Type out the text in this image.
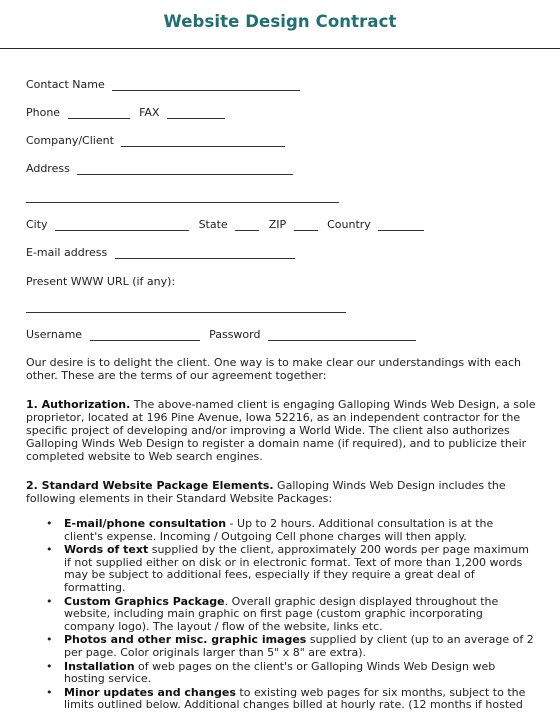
Website Design Contract
Contact Name
Phone	FAX
Company/Client
Address
City	State	ZIP	Country
E-mail address
Present WWW URL (if any):
Username	Password

Our desire is to delight the client. One way is to make clear our understandings with each other. These are the terms of our agreement together:

1. Authorization. The above-named client is engaging Galloping Winds Web Design, a sole proprietor, located at 196 Pine Avenue, Iowa 52216, as an independent contractor for the specific project of developing and/or improving a World Wide. The client also authorizes Galloping Winds Web Design to register a domain name (if required), and to publicize their completed website to Web search engines.

2. Standard Website Package Elements. Galloping Winds Web Design includes the following elements in their Standard Website Packages:

• E-mail/phone consultation - Up to 2 hours. Additional consultation is at the client's expense. Incoming / Outgoing Cell phone charges will then apply.
• Words of text supplied by the client, approximately 200 words per page maximum if not supplied either on disk or in electronic format. Text of more than 1,200 words may be subject to additional fees, especially if they require a great deal of formatting.
• Custom Graphics Package. Overall graphic design displayed throughout the website, including main graphic on first page (custom graphic incorporating company logo). The layout / flow of the website, links etc.
• Photos and other misc. graphic images supplied by client (up to an average of 2 per page. Color originals larger than 5" x 8" are extra).
• Installation of web pages on the client's or Galloping Winds Web Design web hosting service.
• Minor updates and changes to existing web pages for six months, subject to the limits outlined below. Additional changes billed at hourly rate. (12 months if hosted
